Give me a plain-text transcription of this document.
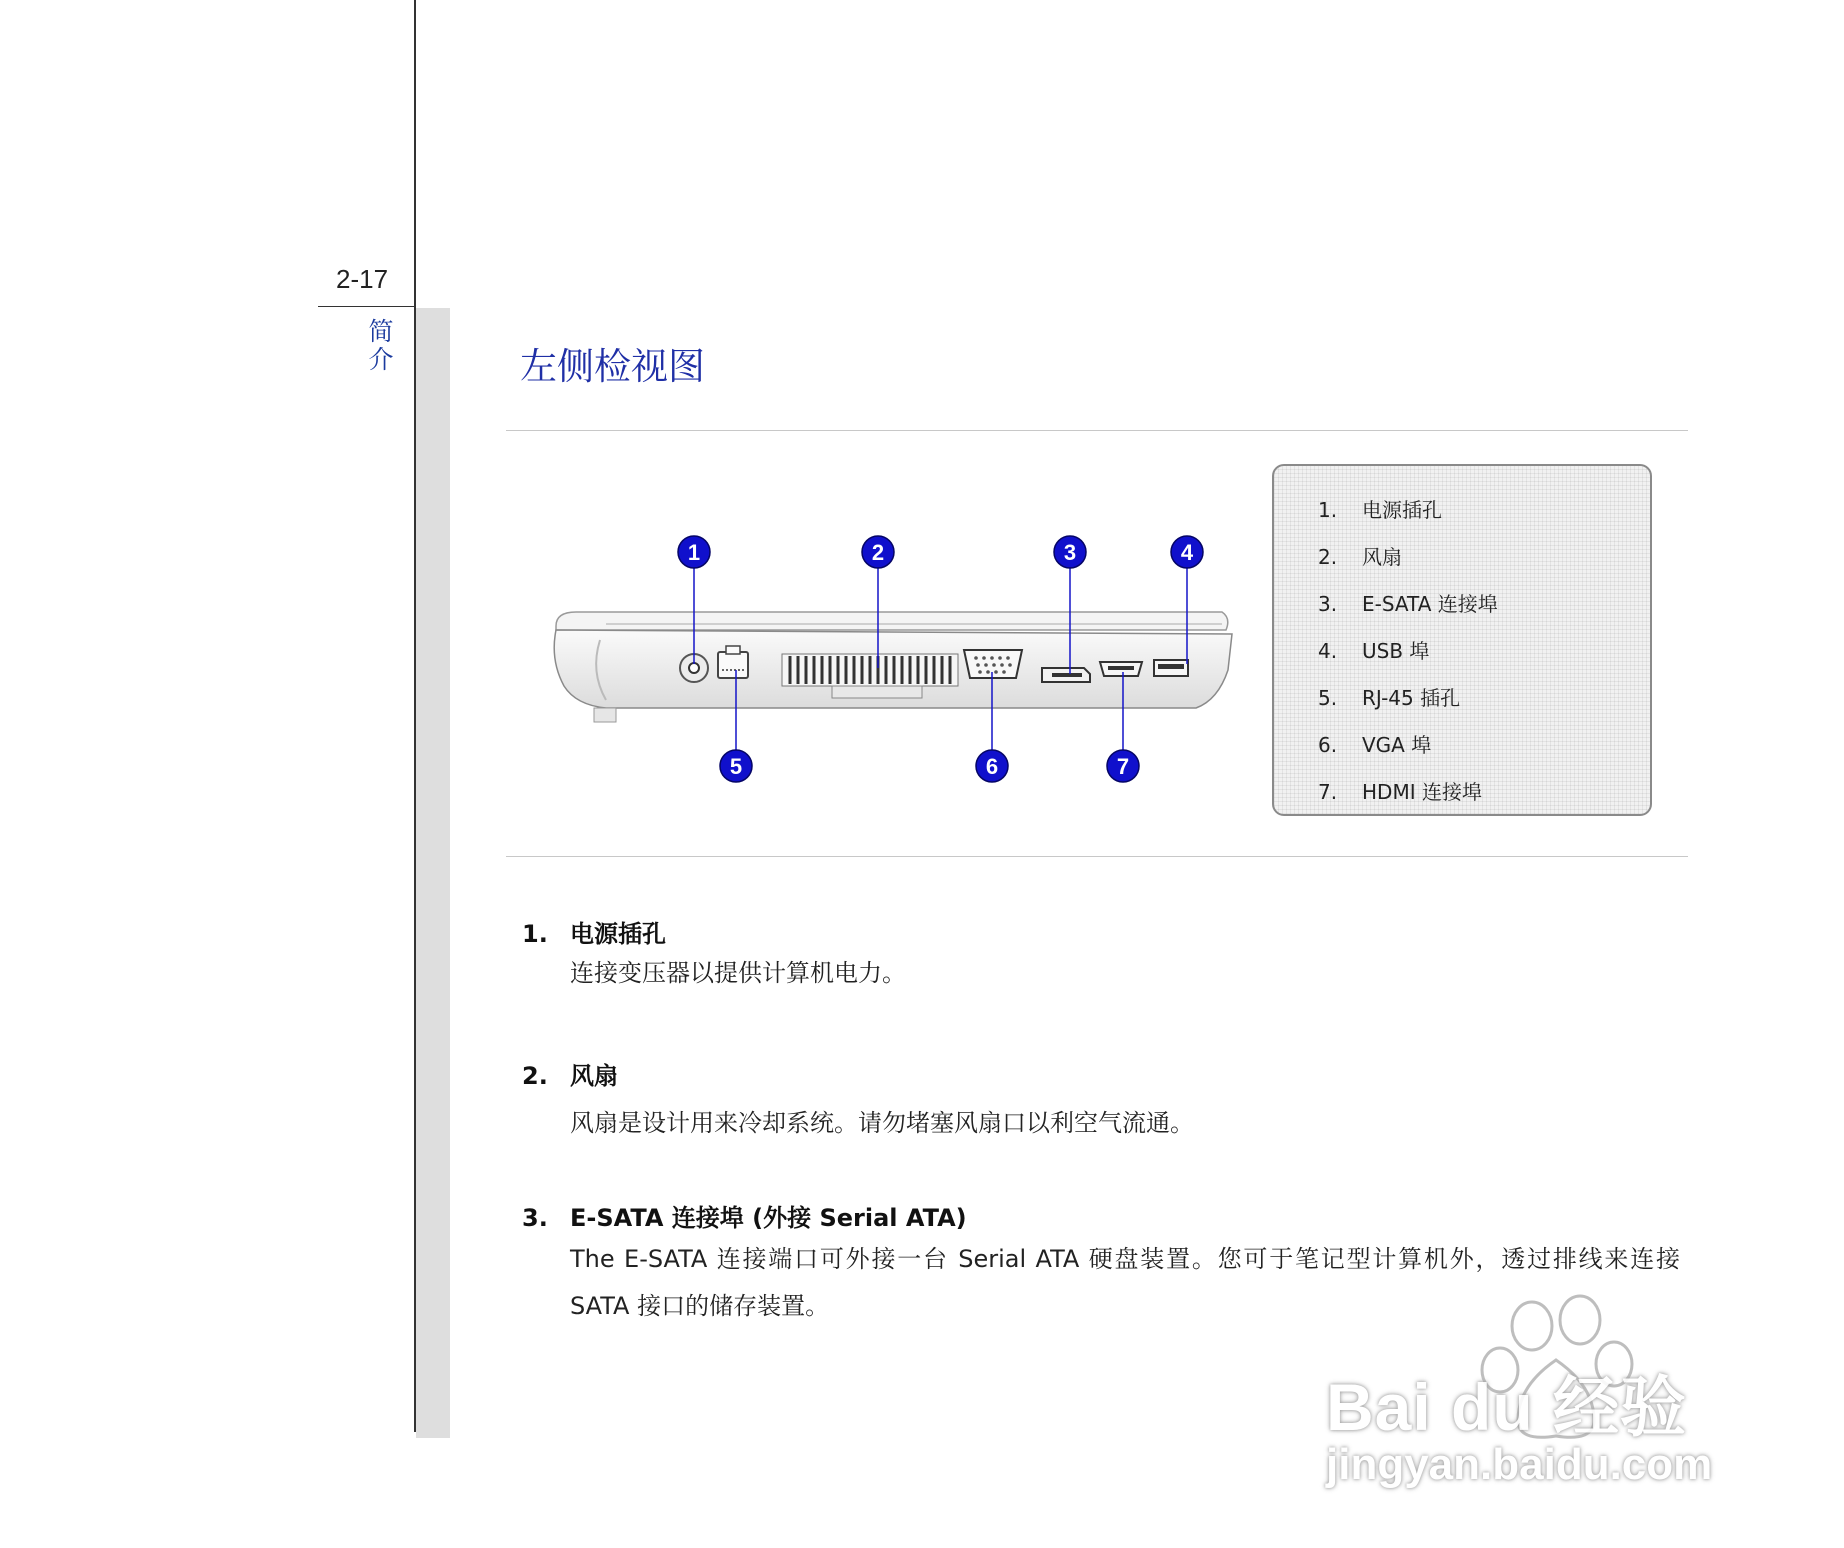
2-17
简
介	左侧检视图
1	2	3	4
5	6	7
1. 电源插孔
2. 风扇
3. E-SATA 连接埠
4. USB 埠
5. RJ-45 插孔
6. VGA 埠
7. HDMI 连接埠
1. 电源插孔
连接变压器以提供计算机电力。
2. 风扇
风扇是设计用来冷却系统。请勿堵塞风扇口以利空气流通。
3. E-SATA 连接埠 (外接 Serial ATA)
The E-SATA 连接端口可外接一台 Serial ATA 硬盘装置。您可于笔记型计算机外，透过排线来连接 SATA 接口的储存装置。
Bai du 经验
jingyan.baidu.com
